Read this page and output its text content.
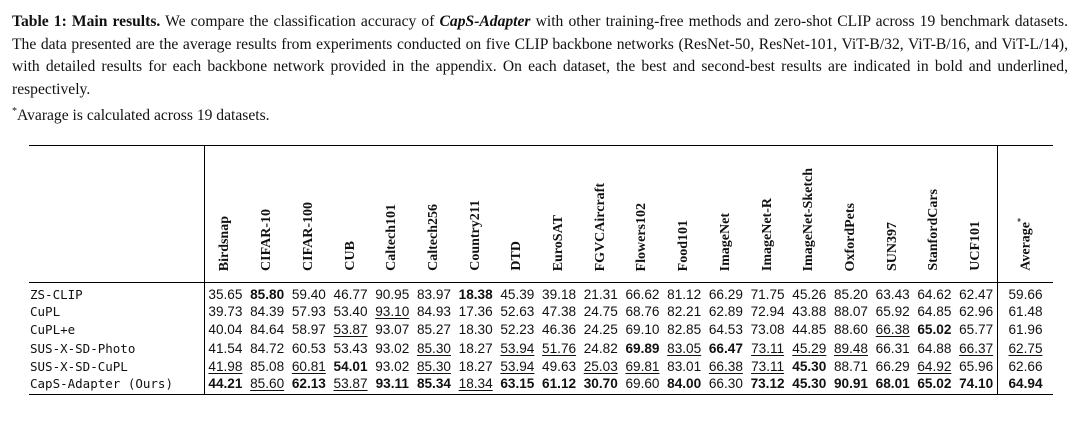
Table 1: Main results. We compare the classification accuracy of CapS-Adapter with other training-free methods and zero-shot CLIP across 19 benchmark datasets. The data presented are the average results from experiments conducted on five CLIP backbone networks (ResNet-50, ResNet-101, ViT-B/32, ViT-B/16, and ViT-L/14), with detailed results for each backbone network provided in the appendix. On each dataset, the best and second-best results are indicated in bold and underlined, respectively.
*Avarage is calculated across 19 datasets.
	Birdsnap	CIFAR-10	CIFAR-100	CUB	Caltech101	Caltech256	Country211	DTD	EuroSAT	FGVCAircraft	Flowers102	Food101	ImageNet	ImageNet-R	ImageNet-Sketch	OxfordPets	SUN397	StanfordCars	UCF101	Average*
ZS-CLIP	35.65	85.80	59.40	46.77	90.95	83.97	18.38	45.39	39.18	21.31	66.62	81.12	66.29	71.75	45.26	85.20	63.43	64.62	62.47	59.66
CuPL	39.73	84.39	57.93	53.40	93.10	84.93	17.36	52.63	47.38	24.75	68.76	82.21	62.89	72.94	43.88	88.07	65.92	64.85	62.96	61.48
CuPL+e	40.04	84.64	58.97	53.87	93.07	85.27	18.30	52.23	46.36	24.25	69.10	82.85	64.53	73.08	44.85	88.60	66.38	65.02	65.77	61.96
SUS-X-SD-Photo	41.54	84.72	60.53	53.43	93.02	85.30	18.27	53.94	51.76	24.82	69.89	83.05	66.47	73.11	45.29	89.48	66.31	64.88	66.37	62.75
SUS-X-SD-CuPL	41.98	85.08	60.81	54.01	93.02	85.30	18.27	53.94	49.63	25.03	69.81	83.01	66.38	73.11	45.30	88.71	66.29	64.92	65.96	62.66
CapS-Adapter (Ours)	44.21	85.60	62.13	53.87	93.11	85.34	18.34	63.15	61.12	30.70	69.60	84.00	66.30	73.12	45.30	90.91	68.01	65.02	74.10	64.94
